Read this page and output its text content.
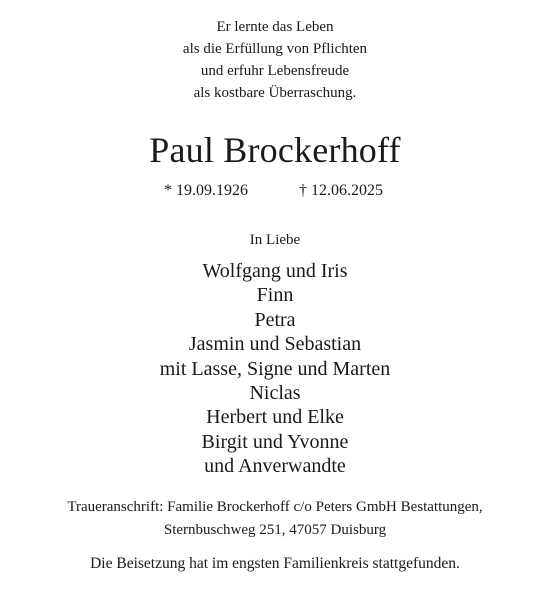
Er lernte das Leben
als die Erfüllung von Pflichten
und erfuhr Lebensfreude
als kostbare Überraschung.
Paul Brockerhoff
* 19.09.1926	† 12.06.2025
In Liebe
Wolfgang und Iris
Finn
Petra
Jasmin und Sebastian
mit Lasse, Signe und Marten
Niclas
Herbert und Elke
Birgit und Yvonne
und Anverwandte
Traueranschrift: Familie Brockerhoff c/o Peters GmbH Bestattungen,
Sternbuschweg 251, 47057 Duisburg
Die Beisetzung hat im engsten Familienkreis stattgefunden.
